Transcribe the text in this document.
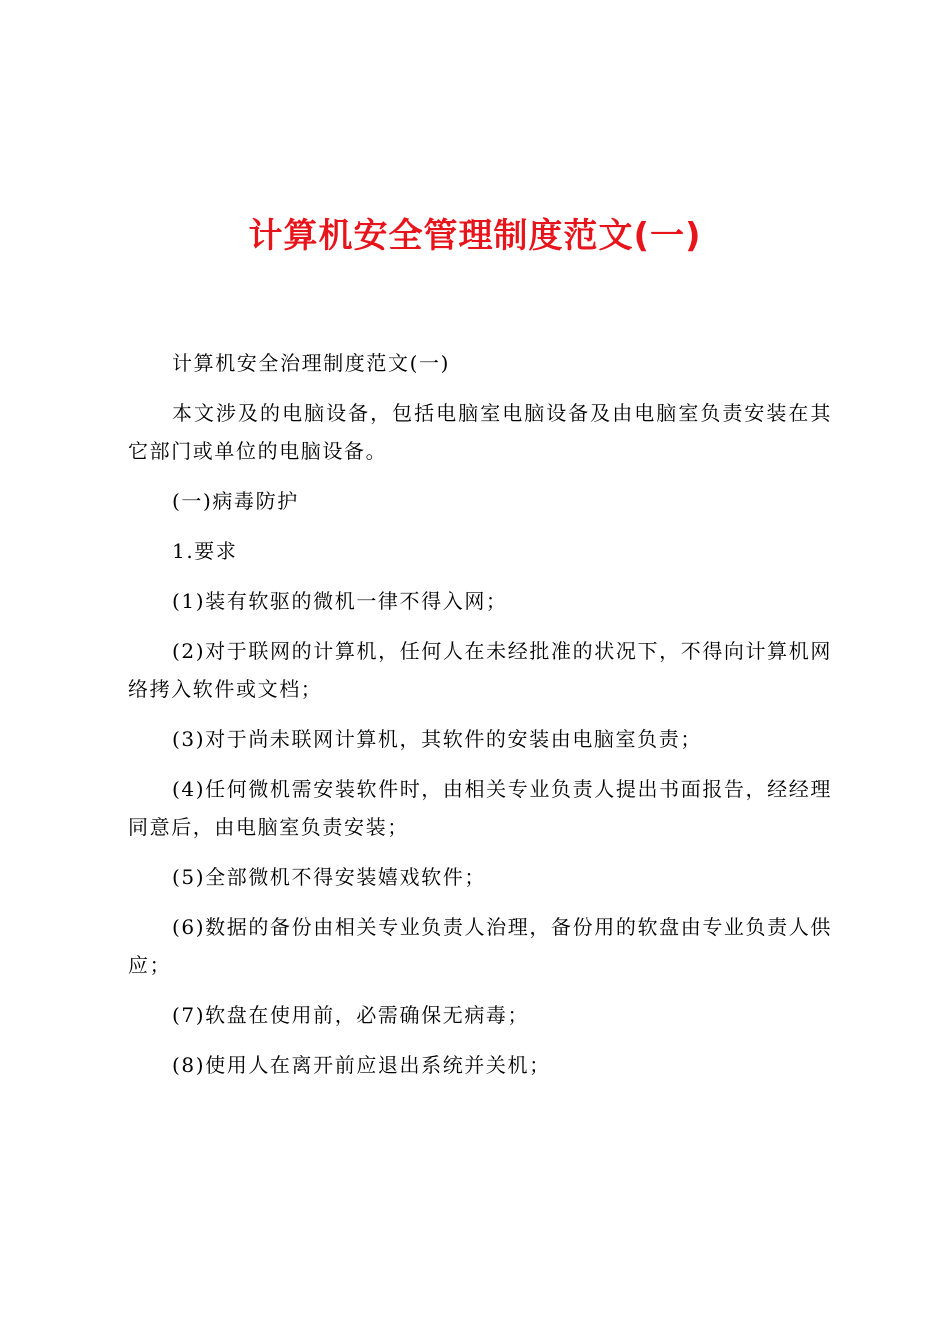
计算机安全管理制度范文(一)

计算机安全治理制度范文(一)

本文涉及的电脑设备，包括电脑室电脑设备及由电脑室负责安装在其它部门或单位的电脑设备。

(一)病毒防护

1.要求

(1)装有软驱的微机一律不得入网；

(2)对于联网的计算机，任何人在未经批准的状况下，不得向计算机网络拷入软件或文档；

(3)对于尚未联网计算机，其软件的安装由电脑室负责；

(4)任何微机需安装软件时，由相关专业负责人提出书面报告，经经理同意后，由电脑室负责安装；

(5)全部微机不得安装嬉戏软件；

(6)数据的备份由相关专业负责人治理，备份用的软盘由专业负责人供应；

(7)软盘在使用前，必需确保无病毒；

(8)使用人在离开前应退出系统并关机；
